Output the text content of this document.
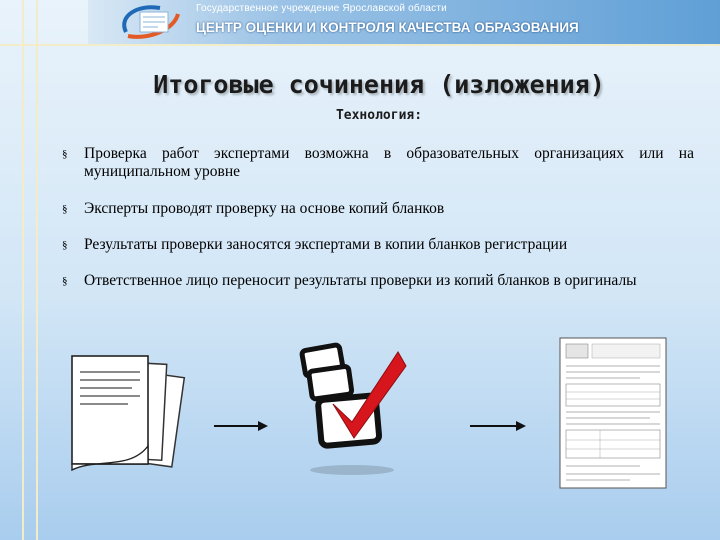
Государственное учреждение Ярославской области
ЦЕНТР ОЦЕНКИ И КОНТРОЛЯ КАЧЕСТВА ОБРАЗОВАНИЯ
Итоговые сочинения (изложения)
Технология:
§ Проверка работ экспертами возможна в образовательных организациях или на муниципальном уровне
§ Эксперты проводят проверку на основе копий бланков
§ Результаты проверки заносятся экспертами в копии бланков регистрации
§ Ответственное лицо переносит результаты проверки из копий бланков в оригиналы
